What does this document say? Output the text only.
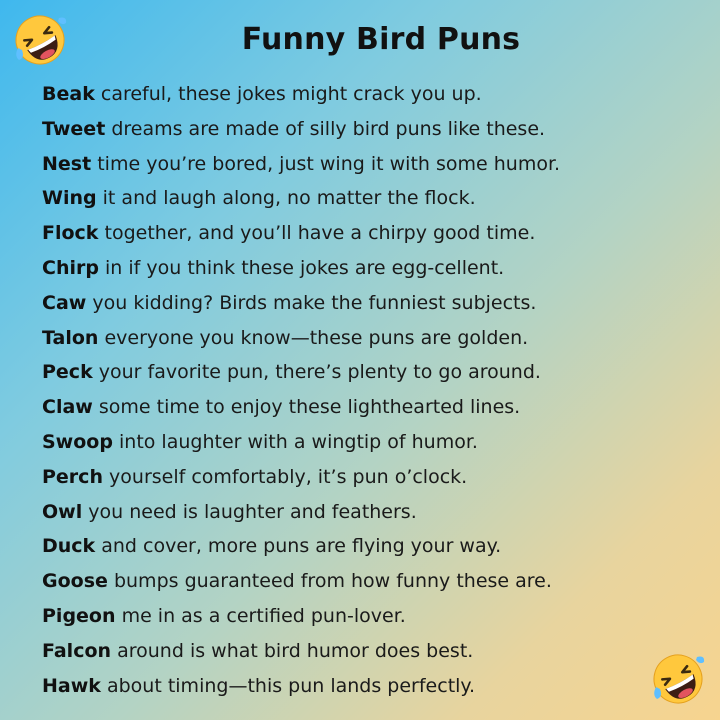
Funny Bird Puns
Beak careful, these jokes might crack you up.
Tweet dreams are made of silly bird puns like these.
Nest time you’re bored, just wing it with some humor.
Wing it and laugh along, no matter the flock.
Flock together, and you’ll have a chirpy good time.
Chirp in if you think these jokes are egg-cellent.
Caw you kidding? Birds make the funniest subjects.
Talon everyone you know—these puns are golden.
Peck your favorite pun, there’s plenty to go around.
Claw some time to enjoy these lighthearted lines.
Swoop into laughter with a wingtip of humor.
Perch yourself comfortably, it’s pun o’clock.
Owl you need is laughter and feathers.
Duck and cover, more puns are flying your way.
Goose bumps guaranteed from how funny these are.
Pigeon me in as a certified pun-lover.
Falcon around is what bird humor does best.
Hawk about timing—this pun lands perfectly.
